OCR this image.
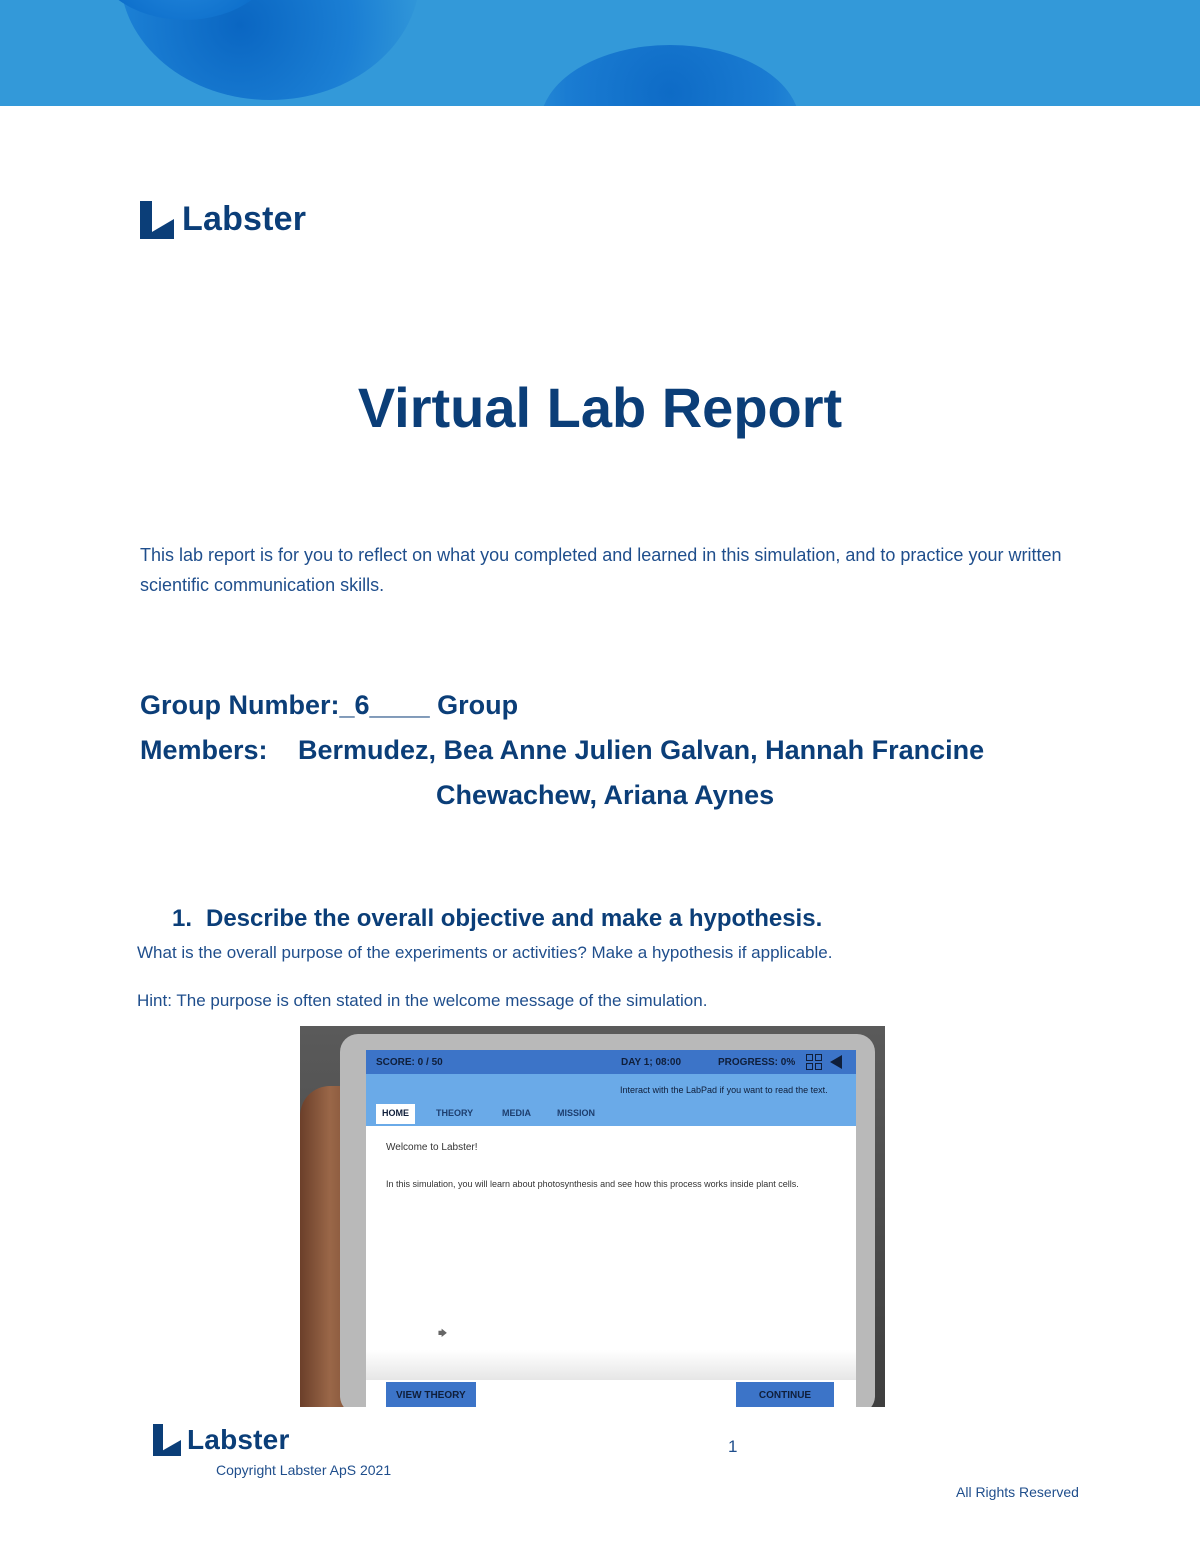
Labster
Virtual Lab Report

This lab report is for you to reflect on what you completed and learned in this simulation, and to practice your written scientific communication skills.

Group Number:_6____ Group
Members: Bermudez, Bea Anne Julien Galvan, Hannah Francine
Chewachew, Ariana Aynes
1. Describe the overall objective and make a hypothesis.

What is the overall purpose of the experiments or activities? Make a hypothesis if applicable.

Hint: The purpose is often stated in the welcome message of the simulation.

SCORE: 0 / 50	DAY 1; 08:00	PROGRESS: 0%
HOME	THEORY	MEDIA	MISSION
Interact with the LabPad if you want to read the text.
Welcome to Labster!
In this simulation, you will learn about photosynthesis and see how this process works inside plant cells.
🡆
VIEW THEORY	CONTINUE
Labster	1
Copyright Labster ApS 2021
All Rights Reserved
